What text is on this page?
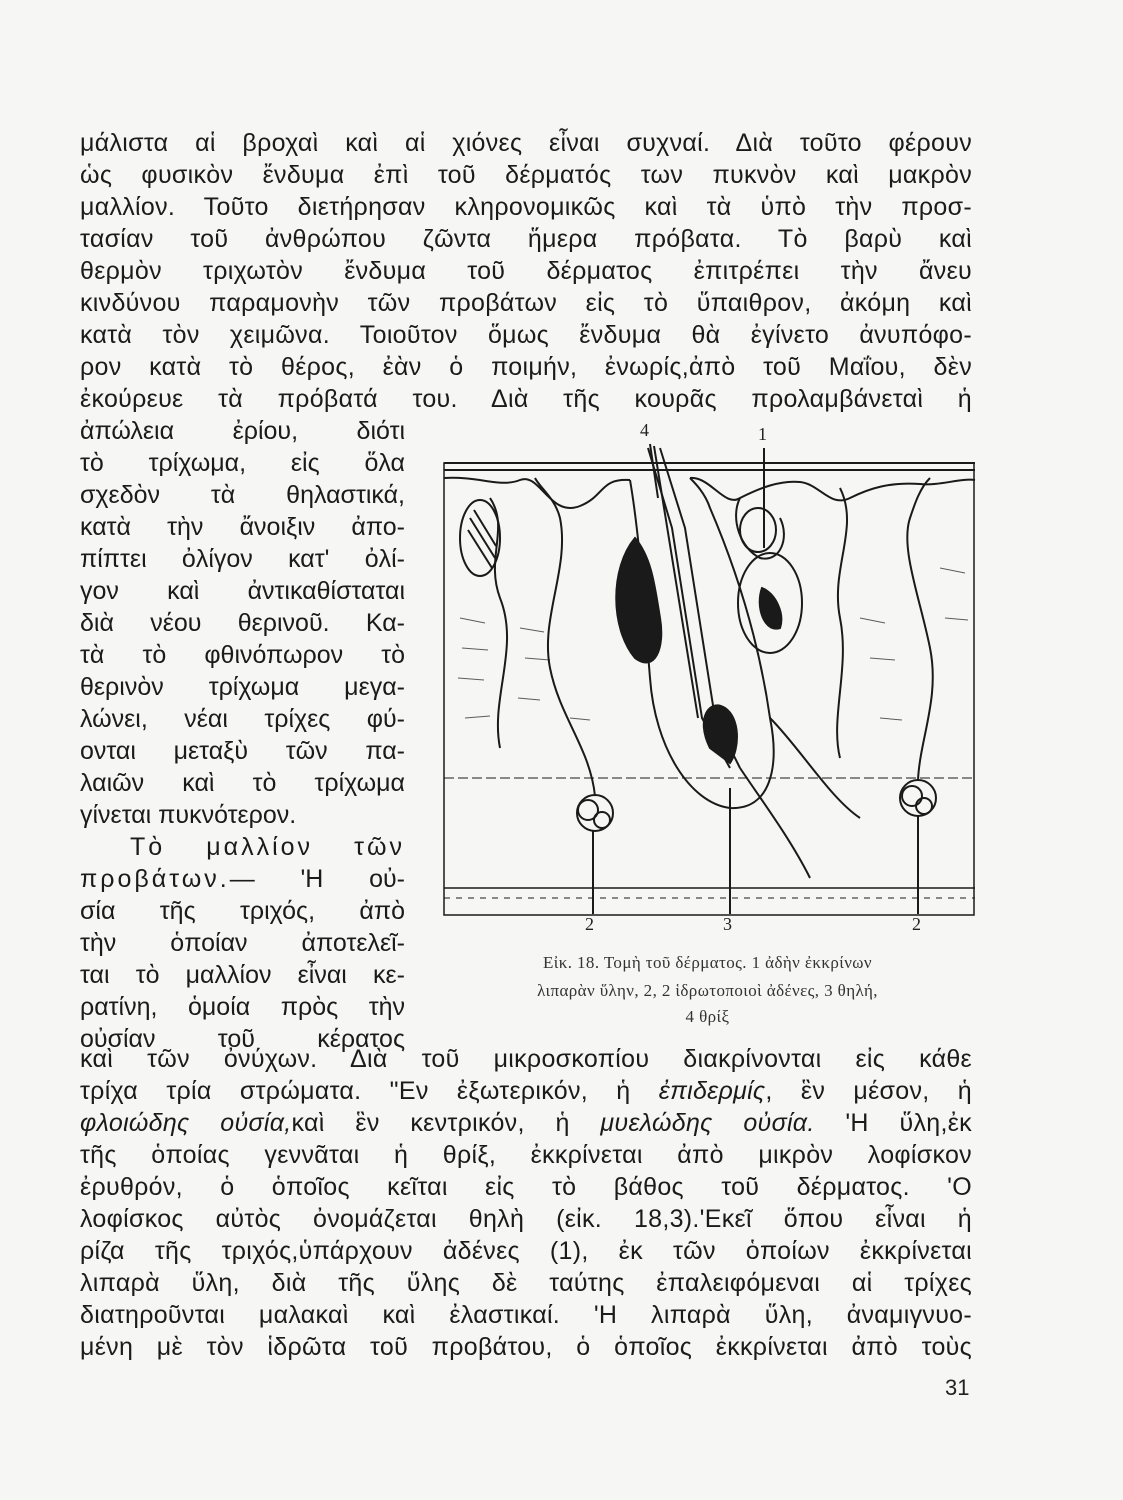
μάλιστα αἱ βροχαὶ καὶ αἱ χιόνες εἶναι συχναί. Διὰ τοῦτο φέρουν
ὡς φυσικὸν ἔνδυμα ἐπὶ τοῦ δέρματός των πυκνὸν καὶ μακρὸν
μαλλίον. Τοῦτο διετήρησαν κληρονομικῶς καὶ τὰ ὑπὸ τὴν προσ-
τασίαν τοῦ ἀνθρώπου ζῶντα ἥμερα πρόβατα. Τὸ βαρὺ καὶ
θερμὸν τριχωτὸν ἔνδυμα τοῦ δέρματος ἐπιτρέπει τὴν ἄνευ
κινδύνου παραμονὴν τῶν προβάτων εἰς τὸ ὕπαιθρον, ἀκόμη καὶ
κατὰ τὸν χειμῶνα. Τοιοῦτον ὅμως ἔνδυμα θὰ ἐγίνετο ἀνυπόφο-
ρον κατὰ τὸ θέρος, ἐὰν ὁ ποιμήν, ἐνωρίς,ἀπὸ τοῦ Μαΐου, δὲν
ἐκούρευε τὰ πρόβατά του. Διὰ τῆς κουρᾶς προλαμβάνεταὶ ἡ
ἀπώλεια ἐρίου, διότι
τὸ τρίχωμα, εἰς ὅλα
σχεδὸν τὰ θηλαστικά,
κατὰ τὴν ἄνοιξιν ἀπο-
πίπτει ὀλίγον κατ' ὀλί-
γον καὶ ἀντικαθίσταται
διὰ νέου θερινοῦ. Κα-
τὰ τὸ φθινόπωρον τὸ
θερινὸν τρίχωμα μεγα-
λώνει, νέαι τρίχες φύ-
ονται μεταξὺ τῶν πα-
λαιῶν καὶ τὸ τρίχωμα
γίνεται πυκνότερον.
Τὸ μαλλίον τῶν
προβάτων.— 'Η οὐ-
σία τῆς τριχός, ἀπὸ
τὴν ὁποίαν ἀποτελεῖ-
ται τὸ μαλλίον εἶναι κε-
ρατίνη, ὁμοία πρὸς τὴν
οὐσίαν τοῦ κέρατος
4	1
2	3	2
Εἰκ. 18. Τομὴ τοῦ δέρματος. 1 ἀδὴν ἐκκρίνων
λιπαρὰν ὕλην, 2, 2 ἱδρωτοποιοὶ ἀδένες, 3 θηλή,
4 θρίξ
καὶ τῶν ὀνύχων. Διὰ τοῦ μικροσκοπίου διακρίνονται εἰς κάθε
τρίχα τρία στρώματα. "Εν ἐξωτερικόν, ἡ ἐπιδερμίς, ἓν μέσον, ἡ
φλοιώδης οὐσία,καὶ ἓν κεντρικόν, ἡ μυελώδης οὐσία. 'Η ὕλη,ἐκ
τῆς ὁποίας γεννᾶται ἡ θρίξ, ἐκκρίνεται ἀπὸ μικρὸν λοφίσκον
ἐρυθρόν, ὁ ὁποῖος κεῖται εἰς τὸ βάθος τοῦ δέρματος. 'Ο
λοφίσκος αὐτὸς ὀνομάζεται θηλὴ (εἰκ. 18,3).'Εκεῖ ὅπου εἶναι ἡ
ρίζα τῆς τριχός,ὑπάρχουν ἀδένες (1), ἐκ τῶν ὁποίων ἐκκρίνεται
λιπαρὰ ὕλη, διὰ τῆς ὕλης δὲ ταύτης ἐπαλειφόμεναι αἱ τρίχες
διατηροῦνται μαλακαὶ καὶ ἐλαστικαί. 'Η λιπαρὰ ὕλη, ἀναμιγνυο-
μένη μὲ τὸν ἱδρῶτα τοῦ προβάτου, ὁ ὁποῖος ἐκκρίνεται ἀπὸ τοὺς
31
